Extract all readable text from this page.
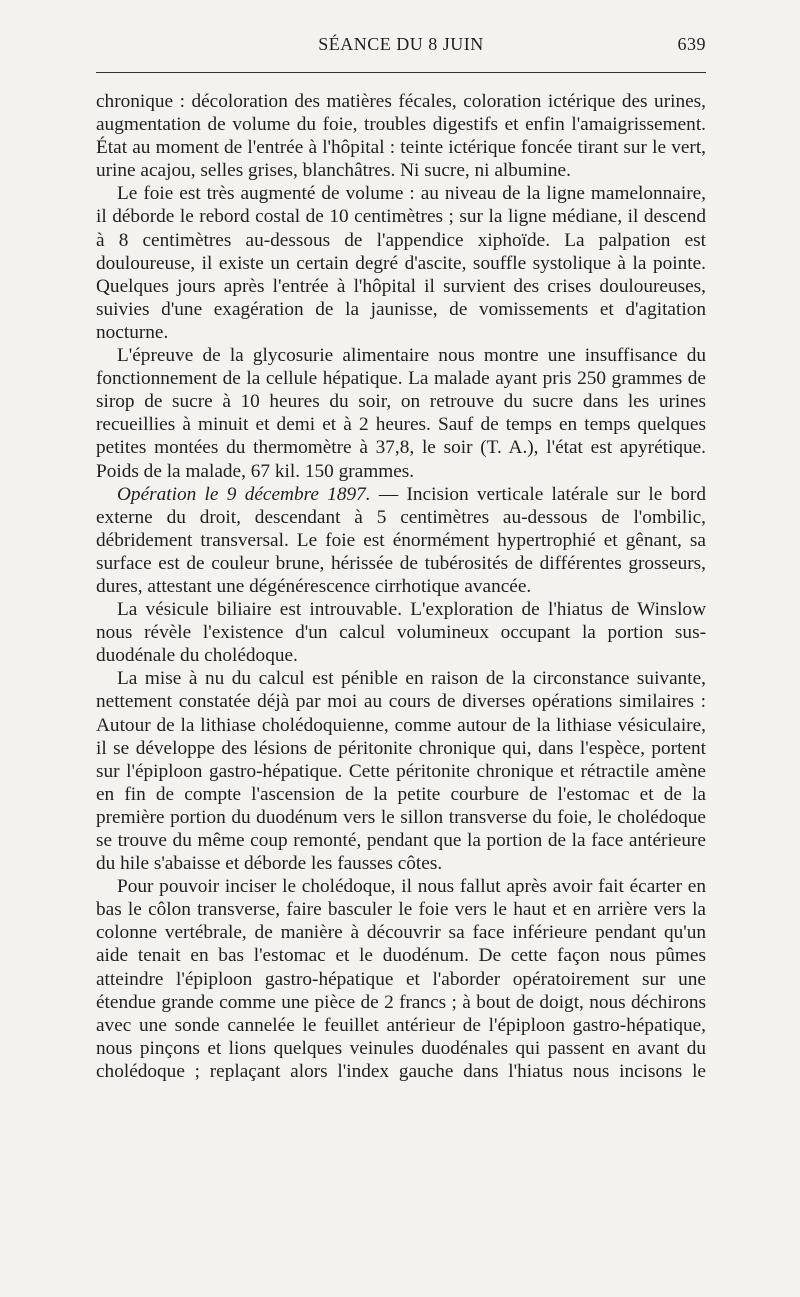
SÉANCE DU 8 JUIN	639

chronique : décoloration des matières fécales, coloration ictérique des urines, augmentation de volume du foie, troubles digestifs et enfin l'amaigrissement. État au moment de l'entrée à l'hôpital : teinte ictérique foncée tirant sur le vert, urine acajou, selles grises, blanchâtres. Ni sucre, ni albumine.

Le foie est très augmenté de volume : au niveau de la ligne mamelonnaire, il déborde le rebord costal de 10 centimètres ; sur la ligne médiane, il descend à 8 centimètres au-dessous de l'appendice xiphoïde. La palpation est douloureuse, il existe un certain degré d'ascite, souffle systolique à la pointe. Quelques jours après l'entrée à l'hôpital il survient des crises douloureuses, suivies d'une exagération de la jaunisse, de vomissements et d'agitation nocturne.

L'épreuve de la glycosurie alimentaire nous montre une insuffisance du fonctionnement de la cellule hépatique. La malade ayant pris 250 grammes de sirop de sucre à 10 heures du soir, on retrouve du sucre dans les urines recueillies à minuit et demi et à 2 heures. Sauf de temps en temps quelques petites montées du thermomètre à 37,8, le soir (T. A.), l'état est apyrétique. Poids de la malade, 67 kil. 150 grammes.

Opération le 9 décembre 1897. — Incision verticale latérale sur le bord externe du droit, descendant à 5 centimètres au-dessous de l'ombilic, débridement transversal. Le foie est énormément hypertrophié et gênant, sa surface est de couleur brune, hérissée de tubérosités de différentes grosseurs, dures, attestant une dégénérescence cirrhotique avancée.

La vésicule biliaire est introuvable. L'exploration de l'hiatus de Winslow nous révèle l'existence d'un calcul volumineux occupant la portion sus-duodénale du cholédoque.

La mise à nu du calcul est pénible en raison de la circonstance suivante, nettement constatée déjà par moi au cours de diverses opérations similaires : Autour de la lithiase cholédoquienne, comme autour de la lithiase vésiculaire, il se développe des lésions de péritonite chronique qui, dans l'espèce, portent sur l'épiploon gastro-hépatique. Cette péritonite chronique et rétractile amène en fin de compte l'ascension de la petite courbure de l'estomac et de la première portion du duodénum vers le sillon transverse du foie, le cholédoque se trouve du même coup remonté, pendant que la portion de la face antérieure du hile s'abaisse et déborde les fausses côtes.

Pour pouvoir inciser le cholédoque, il nous fallut après avoir fait écarter en bas le côlon transverse, faire basculer le foie vers le haut et en arrière vers la colonne vertébrale, de manière à découvrir sa face inférieure pendant qu'un aide tenait en bas l'estomac et le duodénum. De cette façon nous pûmes atteindre l'épiploon gastro-hépatique et l'aborder opératoirement sur une étendue grande comme une pièce de 2 francs ; à bout de doigt, nous déchirons avec une sonde cannelée le feuillet antérieur de l'épiploon gastro-hépatique, nous pinçons et lions quelques veinules duodénales qui passent en avant du cholédoque ; replaçant alors l'index gauche dans l'hiatus nous incisons le
